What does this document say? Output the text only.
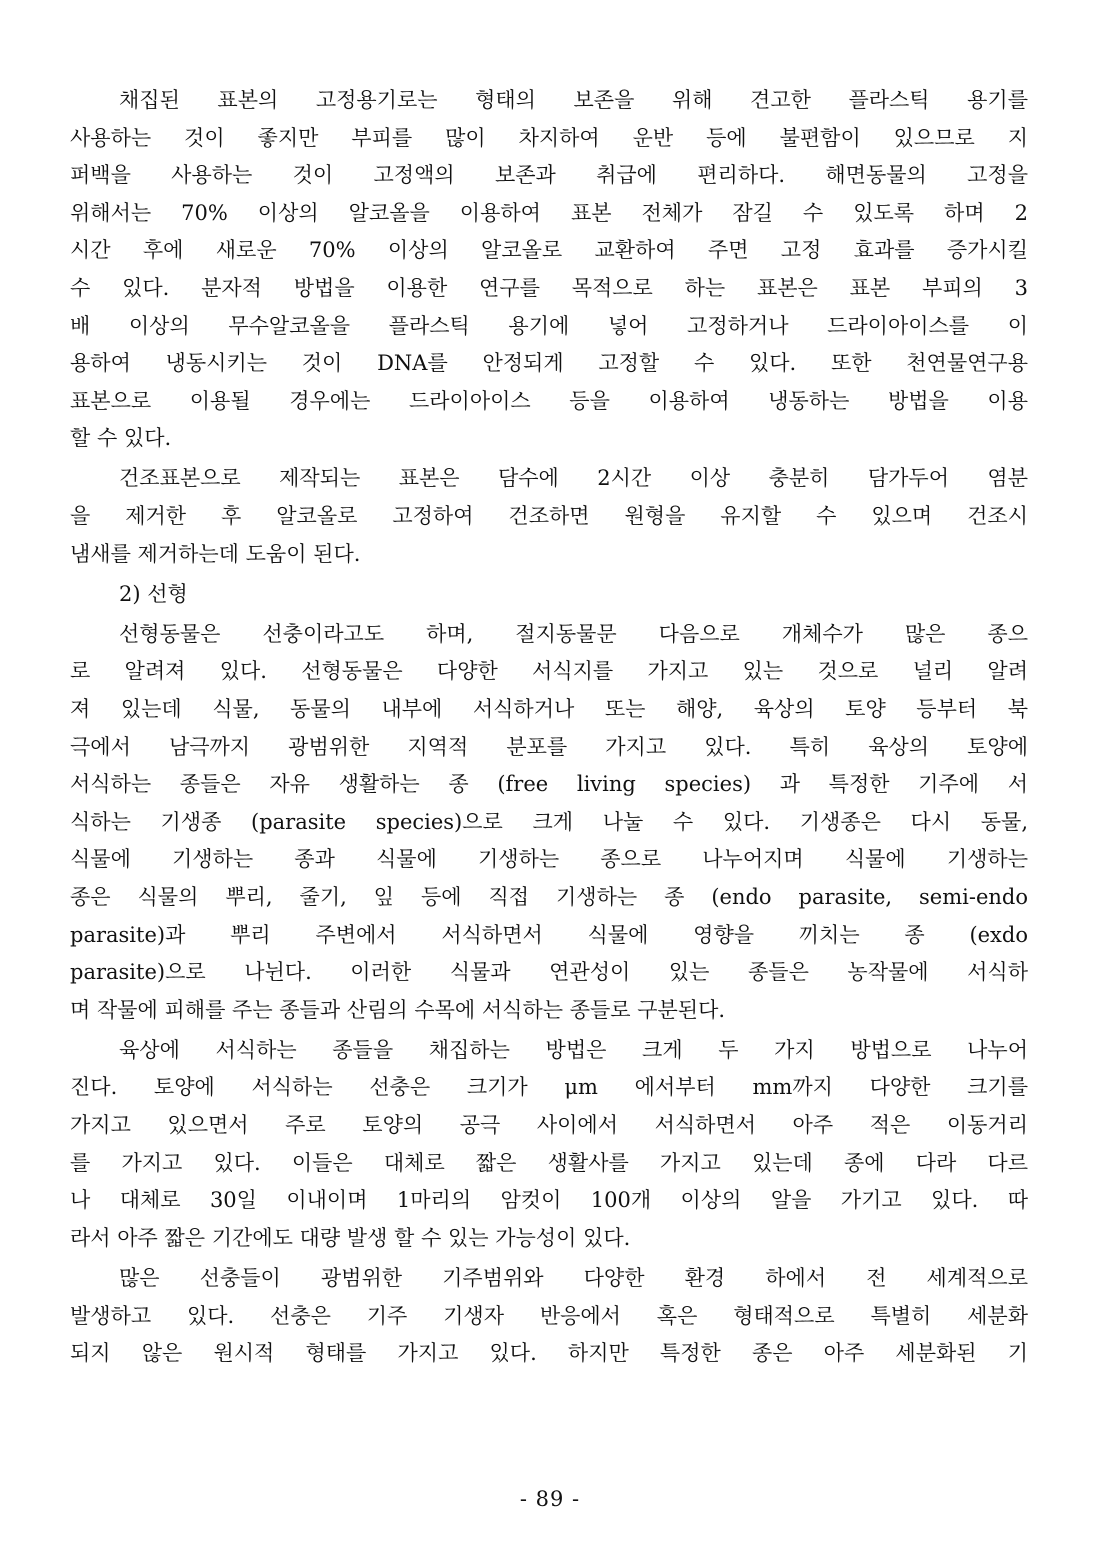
채집된 표본의 고정용기로는 형태의 보존을 위해 견고한 플라스틱 용기를
사용하는 것이 좋지만 부피를 많이 차지하여 운반 등에 불편함이 있으므로 지
퍼백을 사용하는 것이 고정액의 보존과 취급에 편리하다. 해면동물의 고정을
위해서는 70% 이상의 알코올을 이용하여 표본 전체가 잠길 수 있도록 하며 2
시간 후에 새로운 70% 이상의 알코올로 교환하여 주면 고정 효과를 증가시킬
수 있다. 분자적 방법을 이용한 연구를 목적으로 하는 표본은 표본 부피의 3
배 이상의 무수알코올을 플라스틱 용기에 넣어 고정하거나 드라이아이스를 이
용하여 냉동시키는 것이 DNA를 안정되게 고정할 수 있다. 또한 천연물연구용
표본으로 이용될 경우에는 드라이아이스 등을 이용하여 냉동하는 방법을 이용
할 수 있다.
건조표본으로 제작되는 표본은 담수에 2시간 이상 충분히 담가두어 염분
을 제거한 후 알코올로 고정하여 건조하면 원형을 유지할 수 있으며 건조시
냄새를 제거하는데 도움이 된다.
2) 선형
선형동물은 선충이라고도 하며, 절지동물문 다음으로 개체수가 많은 종으
로 알려져 있다. 선형동물은 다양한 서식지를 가지고 있는 것으로 널리 알려
져 있는데 식물, 동물의 내부에 서식하거나 또는 해양, 육상의 토양 등부터 북
극에서 남극까지 광범위한 지역적 분포를 가지고 있다. 특히 육상의 토양에
서식하는 종들은 자유 생활하는 종 (free living species) 과 특정한 기주에 서
식하는 기생종 (parasite species)으로 크게 나눌 수 있다. 기생종은 다시 동물,
식물에 기생하는 종과 식물에 기생하는 종으로 나누어지며 식물에 기생하는
종은 식물의 뿌리, 줄기, 잎 등에 직접 기생하는 종 (endo parasite, semi-endo
parasite)과 뿌리 주변에서 서식하면서 식물에 영향을 끼치는 종 (exdo
parasite)으로 나뉜다. 이러한 식물과 연관성이 있는 종들은 농작물에 서식하
며 작물에 피해를 주는 종들과 산림의 수목에 서식하는 종들로 구분된다.
육상에 서식하는 종들을 채집하는 방법은 크게 두 가지 방법으로 나누어
진다. 토양에 서식하는 선충은 크기가 μm 에서부터 mm까지 다양한 크기를
가지고 있으면서 주로 토양의 공극 사이에서 서식하면서 아주 적은 이동거리
를 가지고 있다. 이들은 대체로 짧은 생활사를 가지고 있는데 종에 다라 다르
나 대체로 30일 이내이며 1마리의 암컷이 100개 이상의 알을 가기고 있다. 따
라서 아주 짧은 기간에도 대량 발생 할 수 있는 가능성이 있다.
많은 선충들이 광범위한 기주범위와 다양한 환경 하에서 전 세계적으로
발생하고 있다. 선충은 기주 기생자 반응에서 혹은 형태적으로 특별히 세분화
되지 않은 원시적 형태를 가지고 있다. 하지만 특정한 종은 아주 세분화된 기
- 89 -
